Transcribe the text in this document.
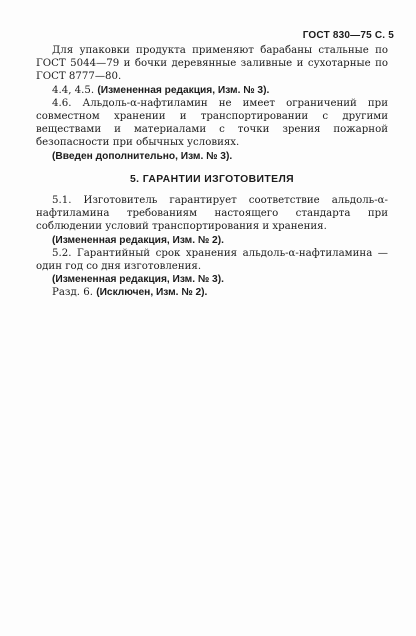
ГОСТ 830—75 С. 5

Для упаковки продукта применяют барабаны стальные по ГОСТ 5044—79 и бочки деревянные заливные и сухотарные по ГОСТ 8777—80.

4.4, 4.5. (Измененная редакция, Изм. № 3).

4.6. Альдоль-α-нафтиламин не имеет ограничений при совместном хранении и транспортировании с другими веществами и материалами с точки зрения пожарной безопасности при обычных условиях.

(Введен дополнительно, Изм. № 3).

5. ГАРАНТИИ ИЗГОТОВИТЕЛЯ

5.1. Изготовитель гарантирует соответствие альдоль-α-нафтиламина требованиям настоящего стандарта при соблюдении условий транспортирования и хранения.

(Измененная редакция, Изм. № 2).

5.2. Гарантийный срок хранения альдоль-α-нафтиламина — один год со дня изготовления.

(Измененная редакция, Изм. № 3).

Разд. 6. (Исключен, Изм. № 2).
